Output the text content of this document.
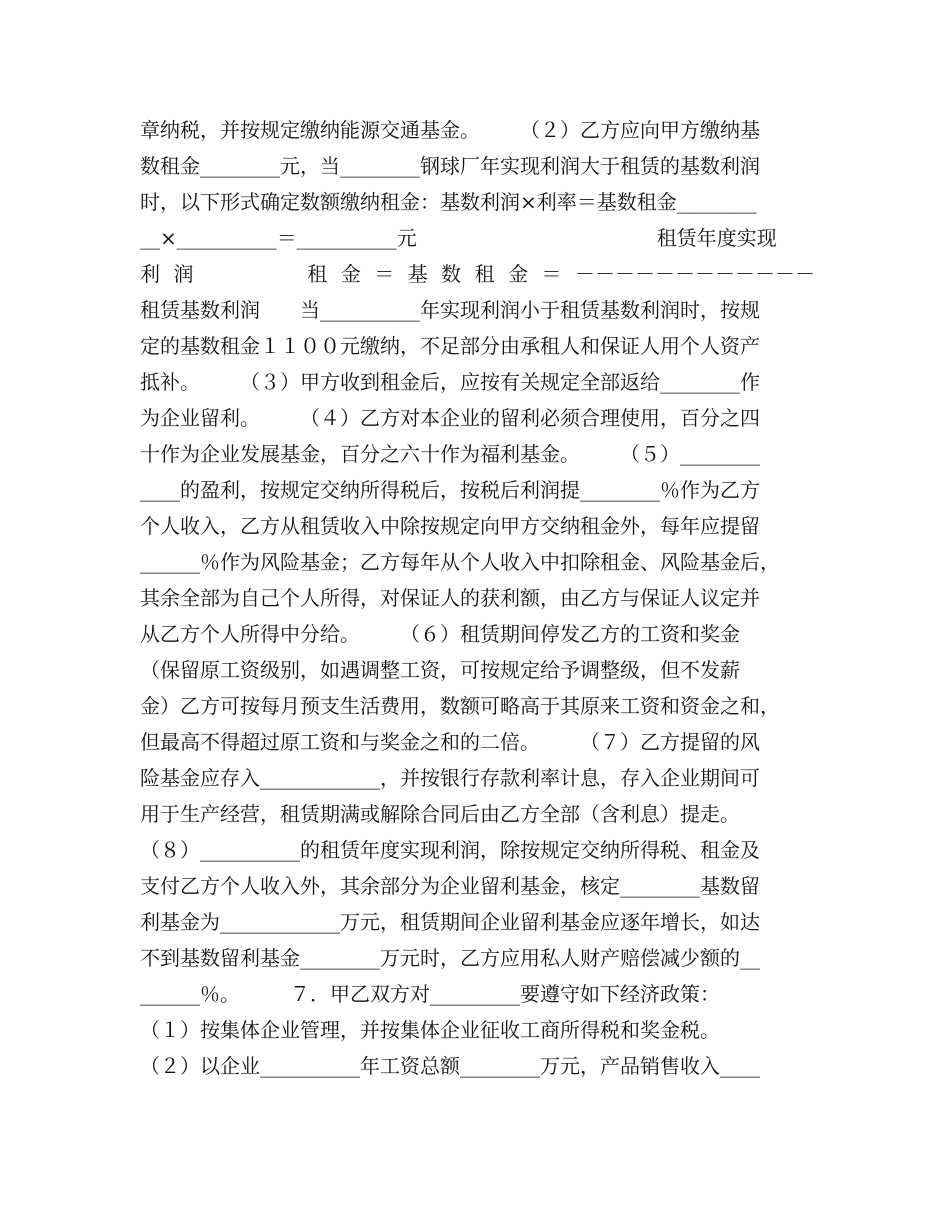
章纳税，并按规定缴纳能源交通基金。　　　（２）乙方应向甲方缴纳基
数租金________元，当________钢球厂年实现利润大于租赁的基数利润
时，以下形式确定数额缴纳租金：基数利润×利率＝基数租金________
__×__________＝__________元　　　　　　　　　　　　租赁年度实现
利润　　　租金＝基数租金＝－－－－－－－－－－－－
租赁基数利润　　当__________年实现利润小于租赁基数利润时，按规
定的基数租金１１００元缴纳，不足部分由承租人和保证人用个人资产
抵补。　　　（３）甲方收到租金后，应按有关规定全部返给________作
为企业留利。　　　（４）乙方对本企业的留利必须合理使用，百分之四
十作为企业发展基金，百分之六十作为福利基金。　　　（５）________
____的盈利，按规定交纳所得税后，按税后利润提________％作为乙方
个人收入，乙方从租赁收入中除按规定向甲方交纳租金外，每年应提留
______％作为风险基金；乙方每年从个人收入中扣除租金、风险基金后，
其余全部为自己个人所得，对保证人的获利额，由乙方与保证人议定并
从乙方个人所得中分给。　　　（６）租赁期间停发乙方的工资和奖金
（保留原工资级别，如遇调整工资，可按规定给予调整级，但不发薪
金）乙方可按每月预支生活费用，数额可略高于其原来工资和资金之和，
但最高不得超过原工资和与奖金之和的二倍。　　　（７）乙方提留的风
险基金应存入____________，并按银行存款利率计息，存入企业期间可
用于生产经营，租赁期满或解除合同后由乙方全部（含利息）提走。
（８）__________的租赁年度实现利润，除按规定交纳所得税、租金及
支付乙方个人收入外，其余部分为企业留利基金，核定________基数留
利基金为____________万元，租赁期间企业留利基金应逐年增长，如达
不到基数留利基金________万元时，乙方应用私人财产赔偿减少额的__
______％。　　　７．甲乙双方对_________要遵守如下经济政策：
（１）按集体企业管理，并按集体企业征收工商所得税和奖金税。
（２）以企业__________年工资总额________万元，产品销售收入____
